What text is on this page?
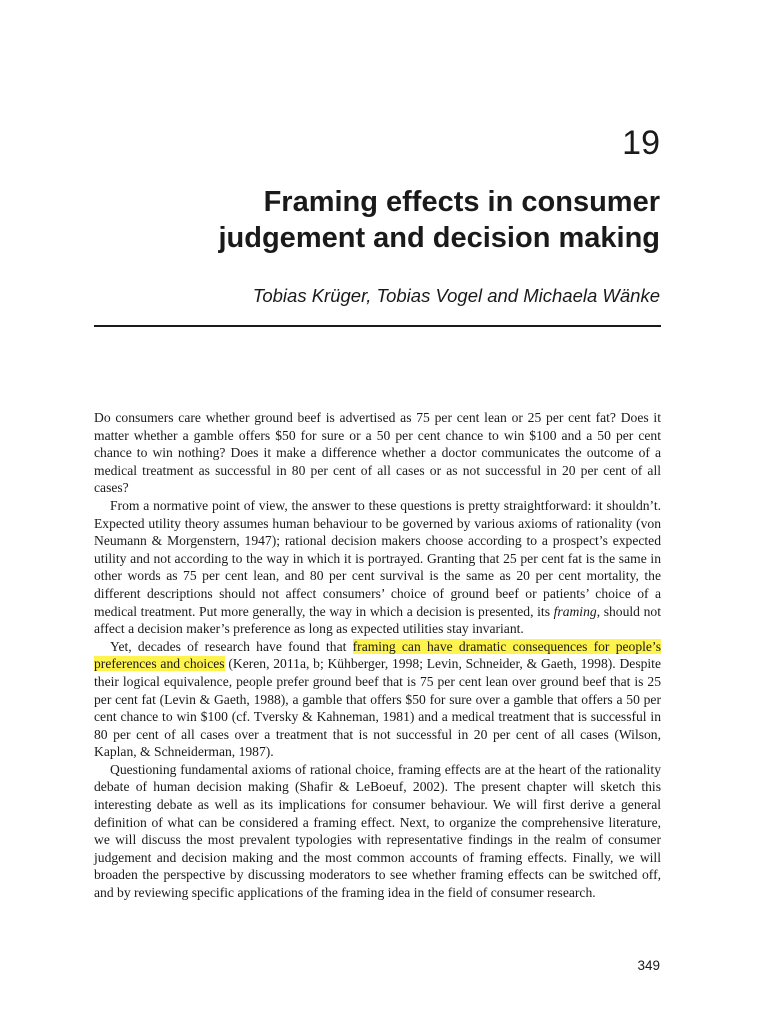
19
Framing effects in consumer
judgement and decision making
Tobias Krüger, Tobias Vogel and Michaela Wänke

Do consumers care whether ground beef is advertised as 75 per cent lean or 25 per cent fat? Does it matter whether a gamble offers $50 for sure or a 50 per cent chance to win $100 and a 50 per cent chance to win nothing? Does it make a difference whether a doctor communicates the outcome of a medical treatment as successful in 80 per cent of all cases or as not successful in 20 per cent of all cases?

From a normative point of view, the answer to these questions is pretty straightforward: it shouldn’t. Expected utility theory assumes human behaviour to be governed by various axioms of rationality (von Neumann & Morgenstern, 1947); rational decision makers choose according to a prospect’s expected utility and not according to the way in which it is portrayed. Granting that 25 per cent fat is the same in other words as 75 per cent lean, and 80 per cent survival is the same as 20 per cent mortality, the different descriptions should not affect consumers’ choice of ground beef or patients’ choice of a medical treatment. Put more generally, the way in which a decision is presented, its framing, should not affect a decision maker’s preference as long as expected utilities stay invariant.

Yet, decades of research have found that framing can have dramatic consequences for people’s preferences and choices (Keren, 2011a, b; Kühberger, 1998; Levin, Schneider, & Gaeth, 1998). Despite their logical equivalence, people prefer ground beef that is 75 per cent lean over ground beef that is 25 per cent fat (Levin & Gaeth, 1988), a gamble that offers $50 for sure over a gamble that offers a 50 per cent chance to win $100 (cf. Tversky & Kahneman, 1981) and a medical treatment that is successful in 80 per cent of all cases over a treatment that is not successful in 20 per cent of all cases (Wilson, Kaplan, & Schneiderman, 1987).

Questioning fundamental axioms of rational choice, framing effects are at the heart of the rationality debate of human decision making (Shafir & LeBoeuf, 2002). The present chapter will sketch this interesting debate as well as its implications for consumer behaviour. We will first derive a general definition of what can be considered a framing effect. Next, to organize the comprehensive literature, we will discuss the most prevalent typologies with representative findings in the realm of consumer judgement and decision making and the most common accounts of framing effects. Finally, we will broaden the perspective by discussing moderators to see whether framing effects can be switched off, and by reviewing specific applications of the framing idea in the field of consumer research.

349
